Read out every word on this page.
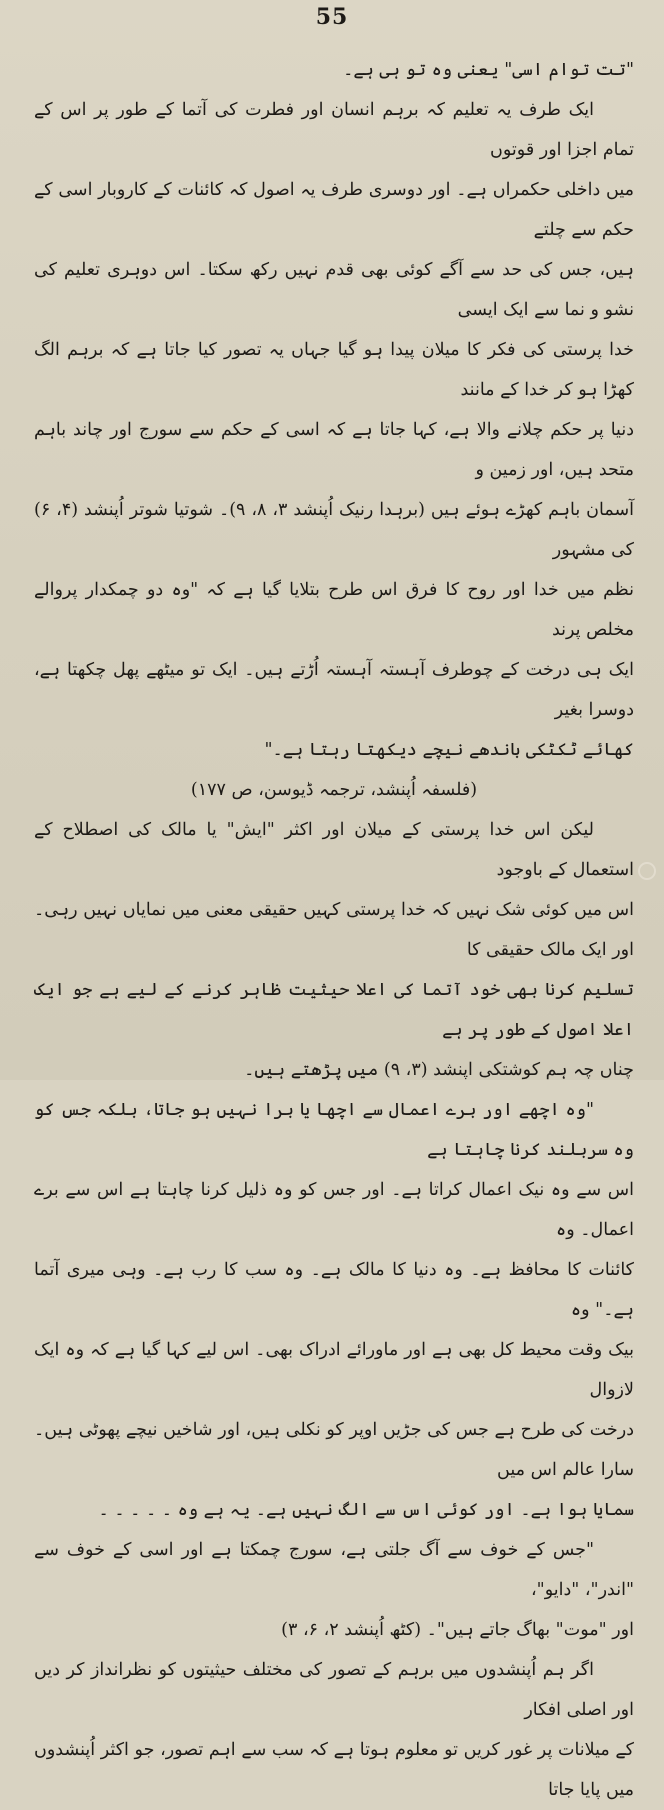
55

"تت توام اسی" یعنی وہ تو ہی ہے۔

ایک طرف یہ تعلیم کہ برہم انسان اور فطرت کی آتما کے طور پر اس کے تمام اجزا اور قوتوں

میں داخلی حکمراں ہے۔ اور دوسری طرف یہ اصول کہ کائنات کے کاروبار اسی کے حکم سے چلتے

ہیں، جس کی حد سے آگے کوئی بھی قدم نہیں رکھ سکتا۔ اس دوہری تعلیم کی نشو و نما سے ایک ایسی

خدا پرستی کی فکر کا میلان پیدا ہو گیا جہاں یہ تصور کیا جاتا ہے کہ برہم الگ کھڑا ہو کر خدا کے مانند

دنیا پر حکم چلانے والا ہے، کہا جاتا ہے کہ اسی کے حکم سے سورج اور چاند باہم متحد ہیں، اور زمین و

آسمان باہم کھڑے ہوئے ہیں (برہدا رنیک اُپنشد ۳، ۸، ۹)۔ شوتیا شوتر اُپنشد (۴، ۶) کی مشہور

نظم میں خدا اور روح کا فرق اس طرح بتلایا گیا ہے کہ "وہ دو چمکدار پروالے مخلص پرند

ایک ہی درخت کے چوطرف آہستہ آہستہ اُڑتے ہیں۔ ایک تو میٹھے پھل چکھتا ہے، دوسرا بغیر

کھائے ٹکٹکی باندھے نیچے دیکھتا رہتا ہے۔"

(فلسفہ اُپنشد، ترجمہ ڈیوسن، ص ۱۷۷)

لیکن اس خدا پرستی کے میلان اور اکثر "ایش" یا مالک کی اصطلاح کے استعمال کے باوجود

اس میں کوئی شک نہیں کہ خدا پرستی کہیں حقیقی معنی میں نمایاں نہیں رہی۔ اور ایک مالک حقیقی کا

تسلیم کرنا بھی خود آتما کی اعلا حیثیت ظاہر کرنے کے لیے ہے جو ایک اعلا اصول کے طور پر ہے

چناں چہ ہم کوشتکی اپنشد (۳، ۹) میں پڑھتے ہیں۔

"وہ اچھے اور برے اعمال سے اچھا یا برا نہیں ہو جاتا، بلکہ جس کو وہ سربلند کرنا چاہتا ہے

اس سے وہ نیک اعمال کراتا ہے۔ اور جس کو وہ ذلیل کرنا چاہتا ہے اس سے برے اعمال۔ وہ

کائنات کا محافظ ہے۔ وہ دنیا کا مالک ہے۔ وہ سب کا رب ہے۔ وہی میری آتما ہے۔" وہ

بیک وقت محیط کل بھی ہے اور ماورائے ادراک بھی۔ اس لیے کہا گیا ہے کہ وہ ایک لازوال

درخت کی طرح ہے جس کی جڑیں اوپر کو نکلی ہیں، اور شاخیں نیچے پھوٹی ہیں۔ سارا عالم اس میں

سمایا ہوا ہے۔ اور کوئی اس سے الگ نہیں ہے۔ یہ ہے وہ ۔ ۔ ۔ ۔ ۔

"جس کے خوف سے آگ جلتی ہے، سورج چمکتا ہے اور اسی کے خوف سے "اندر"، "دایو"،

اور "موت" بھاگ جاتے ہیں"۔ (کٹھ اُپنشد ۲، ۶، ۳)

اگر ہم اُپنشدوں میں برہم کے تصور کی مختلف حیثیتوں کو نظرانداز کر دیں اور اصلی افکار

کے میلانات پر غور کریں تو معلوم ہوتا ہے کہ سب سے اہم تصور، جو اکثر اُپنشدوں میں پایا جاتا
